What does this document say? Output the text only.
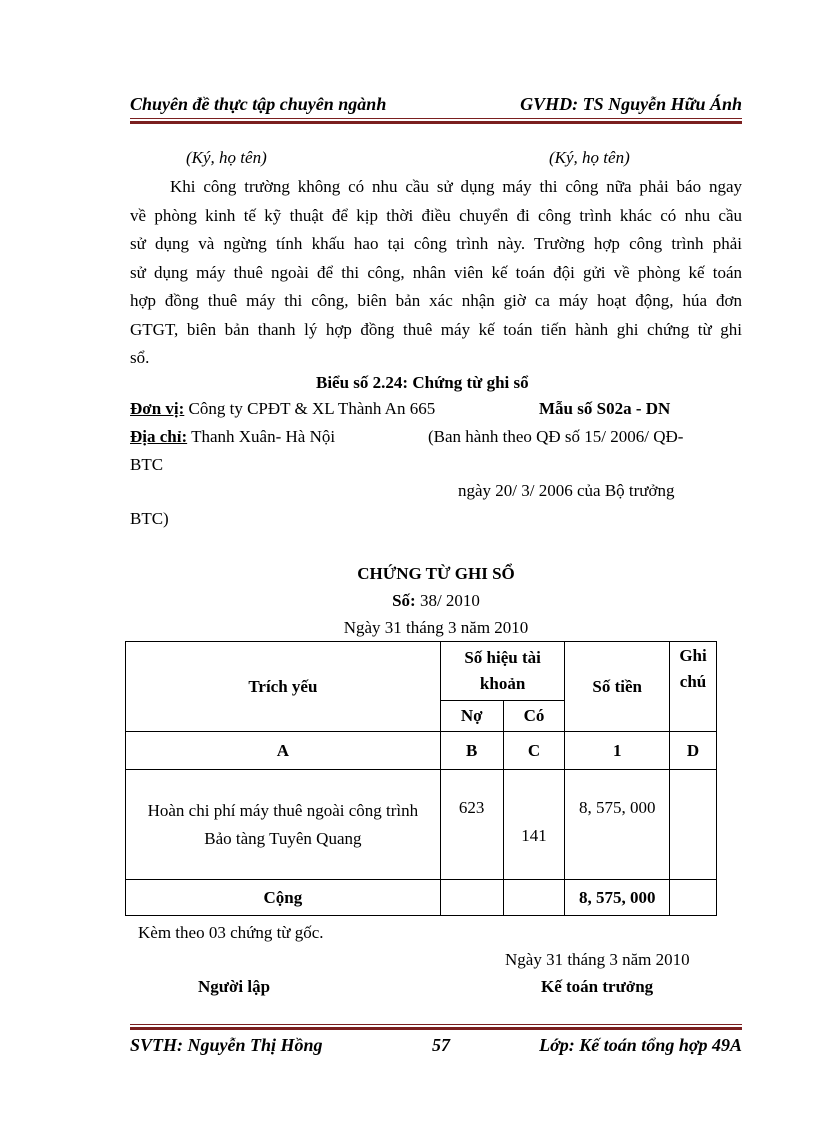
Chuyên đề thực tập chuyên ngành	GVHD: TS Nguyễn Hữu Ánh
(Ký, họ tên)	(Ký, họ tên)
Khi công trường không có nhu cầu sử dụng máy thi công nữa phải báo ngay
về phòng kinh tế kỹ thuật để kịp thời điều chuyển đi công trình khác có nhu cầu
sử dụng và ngừng tính khấu hao tại công trình này. Trường hợp công trình phải
sử dụng máy thuê ngoài để thi công, nhân viên kế toán đội gửi về phòng kế toán
hợp đồng thuê máy thi công, biên bản xác nhận giờ ca máy hoạt động, húa đơn
GTGT, biên bản thanh lý hợp đồng thuê máy kế toán tiến hành ghi chứng từ ghi
sổ.
Biểu số 2.24: Chứng từ ghi sổ
Đơn vị: Công ty CPĐT & XL Thành An 665	Mẫu số S02a - DN
Địa chỉ: Thanh Xuân- Hà Nội	(Ban hành theo QĐ số 15/ 2006/ QĐ-
BTC
ngày 20/ 3/ 2006 của Bộ trưởng
BTC)
CHỨNG TỪ GHI SỔ
Số: 38/ 2010
Ngày 31 tháng 3 năm 2010
Trích yếu	Số hiệu tài khoản		Số tiền	Ghi chú
	Nợ	Có		
A	B	C	1	D

Hoàn chi phí máy thuê ngoài công trình
Bảo tàng Tuyên Quang	623	141	8, 575, 000	
Cộng			8, 575, 000	
Kèm theo 03 chứng từ gốc.
Ngày 31 tháng 3 năm 2010
Người lập	Kế toán trưởng
SVTH: Nguyễn Thị Hồng	57	Lớp: Kế toán tổng hợp 49A
